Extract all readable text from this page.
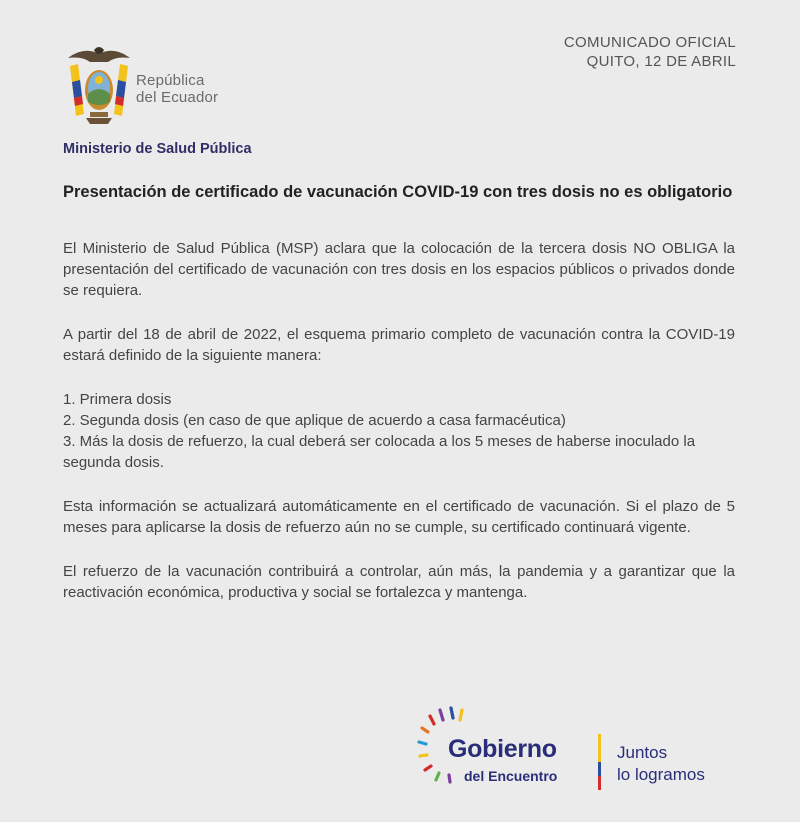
COMUNICADO OFICIAL
QUITO, 12 DE ABRIL
República
del Ecuador
Ministerio de Salud Pública
Presentación de certificado de vacunación COVID-19 con tres dosis no es obligatorio

El Ministerio de Salud Pública (MSP) aclara que la colocación de la tercera dosis NO OBLIGA la presentación del certificado de vacunación con tres dosis en los espacios públicos o privados donde se requiera.

A partir del 18 de abril de 2022, el esquema primario completo de vacunación contra la COVID-19 estará definido de la siguiente manera:

1. Primera dosis
2. Segunda dosis (en caso de que aplique de acuerdo a casa farmacéutica)
3. Más la dosis de refuerzo, la cual deberá ser colocada a los 5 meses de haberse inoculado la segunda dosis.

Esta información se actualizará automáticamente en el certificado de vacunación. Si el plazo de 5 meses para aplicarse la dosis de refuerzo aún no se cumple, su certificado continuará vigente.

El refuerzo de la vacunación contribuirá a controlar, aún más, la pandemia y a garantizar que la reactivación económica, productiva y social se fortalezca y mantenga.

Gobierno
del Encuentro
Juntos
lo logramos
